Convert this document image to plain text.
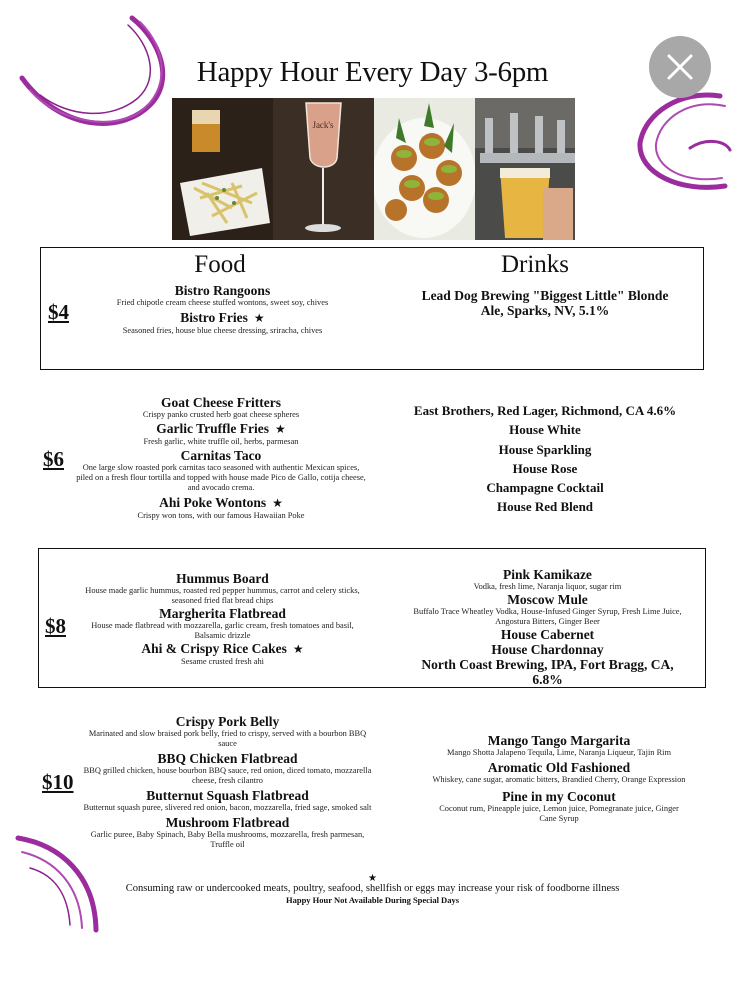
Happy Hour Every Day 3-6pm
Jack's
Food	Drinks
$4
Bistro Rangoons
Fried chipotle cream cheese stuffed wontons, sweet soy, chives
Bistro Fries ★
Seasoned fries, house blue cheese dressing, sriracha, chives
Lead Dog Brewing "Biggest Little" Blonde Ale, Sparks, NV, 5.1%
$6
Goat Cheese Fritters
Crispy panko crusted herb goat cheese spheres
Garlic Truffle Fries ★
Fresh garlic, white truffle oil, herbs, parmesan
Carnitas Taco
One large slow roasted pork carnitas taco seasoned with authentic Mexican spices, piled on a fresh flour tortilla and topped with house made Pico de Gallo, cotija cheese, and avocado crema.
Ahi Poke Wontons ★
Crispy won tons, with our famous Hawaiian Poke
East Brothers, Red Lager, Richmond, CA 4.6%
House White
House Sparkling
House Rose
Champagne Cocktail
House Red Blend
$8
Hummus Board
House made garlic hummus, roasted red pepper hummus, carrot and celery sticks, seasoned fried flat bread chips
Margherita Flatbread
House made flatbread with mozzarella, garlic cream, fresh tomatoes and basil, Balsamic drizzle
Ahi & Crispy Rice Cakes ★
Sesame crusted fresh ahi
Pink Kamikaze
Vodka, fresh lime, Naranja liquor, sugar rim
Moscow Mule
Buffalo Trace Wheatley Vodka, House-Infused Ginger Syrup, Fresh Lime Juice, Angostura Bitters, Ginger Beer
House Cabernet
House Chardonnay
North Coast Brewing, IPA, Fort Bragg, CA, 6.8%
$10
Crispy Pork Belly
Marinated and slow braised pork belly, fried to crispy, served with a bourbon BBQ sauce
BBQ Chicken Flatbread
BBQ grilled chicken, house bourbon BBQ sauce, red onion, diced tomato, mozzarella cheese, fresh cilantro
Butternut Squash Flatbread
Butternut squash puree, slivered red onion, bacon, mozzarella, fried sage, smoked salt
Mushroom Flatbread
Garlic puree, Baby Spinach, Baby Bella mushrooms, mozzarella, fresh parmesan, Truffle oil
Mango Tango Margarita
Mango Shotta Jalapeno Tequila, Lime, Naranja Liqueur, Tajin Rim
Aromatic Old Fashioned
Whiskey, cane sugar, aromatic bitters, Brandied Cherry, Orange Expression
Pine in my Coconut
Coconut rum, Pineapple juice, Lemon juice, Pomegranate juice, Ginger Cane Syrup
★
Consuming raw or undercooked meats, poultry, seafood, shellfish or eggs may increase your risk of foodborne illness
Happy Hour Not Available During Special Days
